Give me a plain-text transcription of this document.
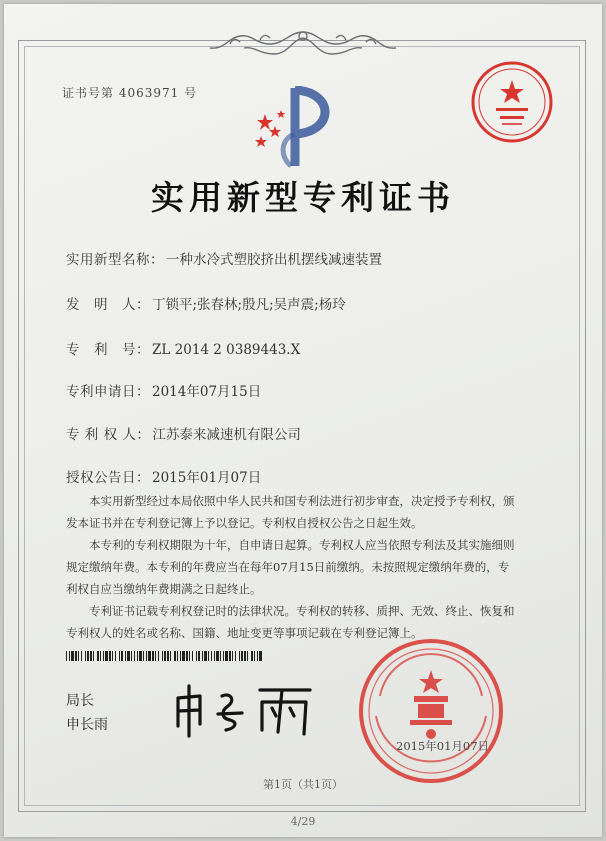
证书号第 4063971 号
实用新型专利证书
实用新型名称： 一种水冷式塑胶挤出机摆线减速装置
发　明　人： 丁锁平;张春林;殷凡;吴声震;杨玲
专　利　号： ZL 2014 2 0389443.X
专利申请日： 2014年07月15日
专 利 权 人： 江苏泰来减速机有限公司
授权公告日： 2015年01月07日
本实用新型经过本局依照中华人民共和国专利法进行初步审查，决定授予专利权，颁
发本证书并在专利登记簿上予以登记。专利权自授权公告之日起生效。
本专利的专利权期限为十年，自申请日起算。专利权人应当依照专利法及其实施细则
规定缴纳年费。本专利的年费应当在每年07月15日前缴纳。未按照规定缴纳年费的，专
利权自应当缴纳年费期满之日起终止。
专利证书记载专利权登记时的法律状况。专利权的转移、质押、无效、终止、恢复和
专利权人的姓名或名称、国籍、地址变更等事项记载在专利登记簿上。
局长
申长雨
2015年01月07日
第1页（共1页）
4/29
